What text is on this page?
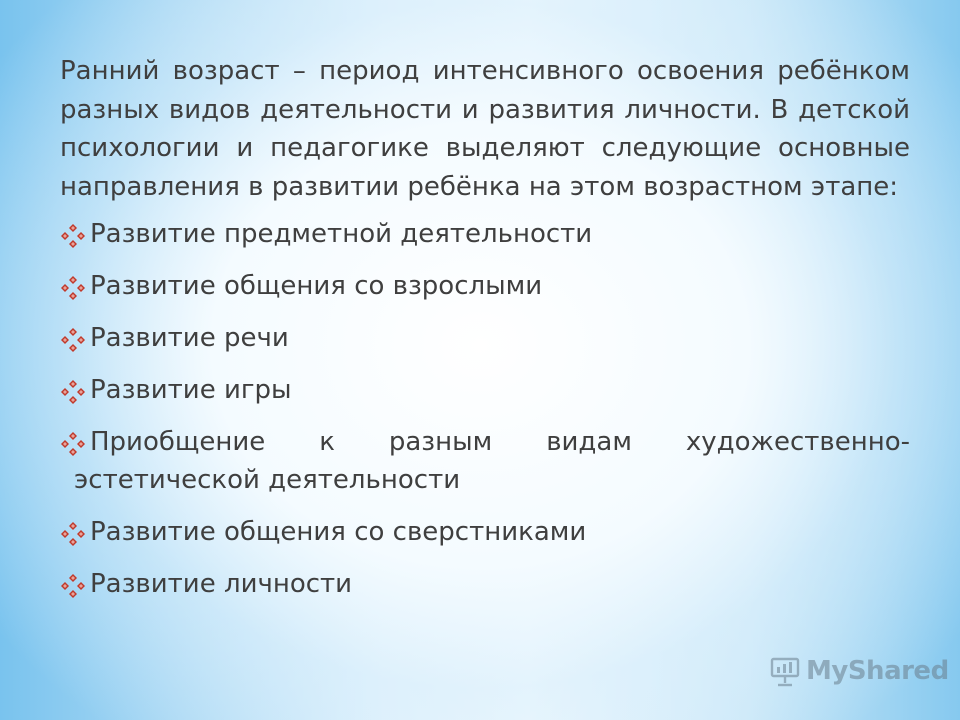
Ранний возраст – период интенсивного освоения ребёнком разных видов деятельности и развития личности. В детской психологии и педагогике выделяют следующие основные направления в развитии ребёнка на этом возрастном этапе:

Развитие предметной деятельности
Развитие общения со взрослыми
Развитие речи
Развитие игры
Приобщение к разным видам художественно-
эстетической деятельности
Развитие общения со сверстниками
Развитие личности
MyShared
